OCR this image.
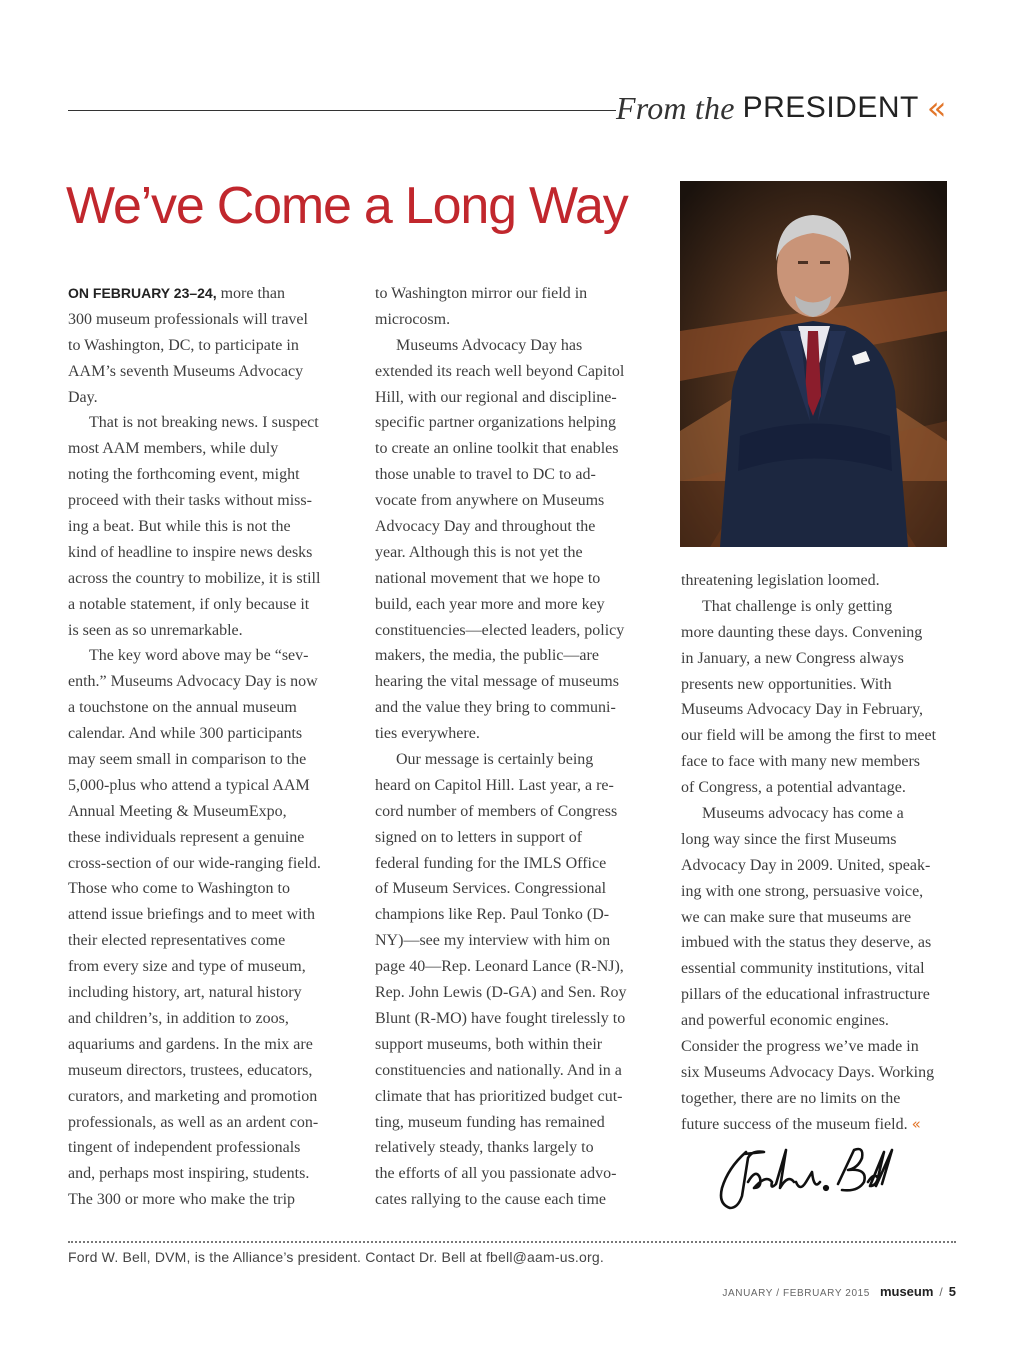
From the PRESIDENT «
We’ve Come a Long Way
ON FEBRUARY 23–24, more than
300 museum professionals will travel
to Washington, DC, to participate in
AAM’s seventh Museums Advocacy
Day.
That is not breaking news. I suspect
most AAM members, while duly
noting the forthcoming event, might
proceed with their tasks without miss-
ing a beat. But while this is not the
kind of headline to inspire news desks
across the country to mobilize, it is still
a notable statement, if only because it
is seen as so unremarkable.
The key word above may be “sev-
enth.” Museums Advocacy Day is now
a touchstone on the annual museum
calendar. And while 300 participants
may seem small in comparison to the
5,000-plus who attend a typical AAM
Annual Meeting & MuseumExpo,
these individuals represent a genuine
cross-section of our wide-ranging field.
Those who come to Washington to
attend issue briefings and to meet with
their elected representatives come
from every size and type of museum,
including history, art, natural history
and children’s, in addition to zoos,
aquariums and gardens. In the mix are
museum directors, trustees, educators,
curators, and marketing and promotion
professionals, as well as an ardent con-
tingent of independent professionals
and, perhaps most inspiring, students.
The 300 or more who make the trip
to Washington mirror our field in
microcosm.
Museums Advocacy Day has
extended its reach well beyond Capitol
Hill, with our regional and discipline-
specific partner organizations helping
to create an online toolkit that enables
those unable to travel to DC to ad-
vocate from anywhere on Museums
Advocacy Day and throughout the
year. Although this is not yet the
national movement that we hope to
build, each year more and more key
constituencies—elected leaders, policy
makers, the media, the public—are
hearing the vital message of museums
and the value they bring to communi-
ties everywhere.
Our message is certainly being
heard on Capitol Hill. Last year, a re-
cord number of members of Congress
signed on to letters in support of
federal funding for the IMLS Office
of Museum Services. Congressional
champions like Rep. Paul Tonko (D-
NY)—see my interview with him on
page 40—Rep. Leonard Lance (R-NJ),
Rep. John Lewis (D-GA) and Sen. Roy
Blunt (R-MO) have fought tirelessly to
support museums, both within their
constituencies and nationally. And in a
climate that has prioritized budget cut-
ting, museum funding has remained
relatively steady, thanks largely to
the efforts of all you passionate advo-
cates rallying to the cause each time
threatening legislation loomed.
That challenge is only getting
more daunting these days. Convening
in January, a new Congress always
presents new opportunities. With
Museums Advocacy Day in February,
our field will be among the first to meet
face to face with many new members
of Congress, a potential advantage.
Museums advocacy has come a
long way since the first Museums
Advocacy Day in 2009. United, speak-
ing with one strong, persuasive voice,
we can make sure that museums are
imbued with the status they deserve, as
essential community institutions, vital
pillars of the educational infrastructure
and powerful economic engines.
Consider the progress we’ve made in
six Museums Advocacy Days. Working
together, there are no limits on the
future success of the museum field. «
Ford W. Bell, DVM, is the Alliance’s president. Contact Dr. Bell at fbell@aam-us.org.
JANUARY / FEBRUARY 2015 museum / 5
